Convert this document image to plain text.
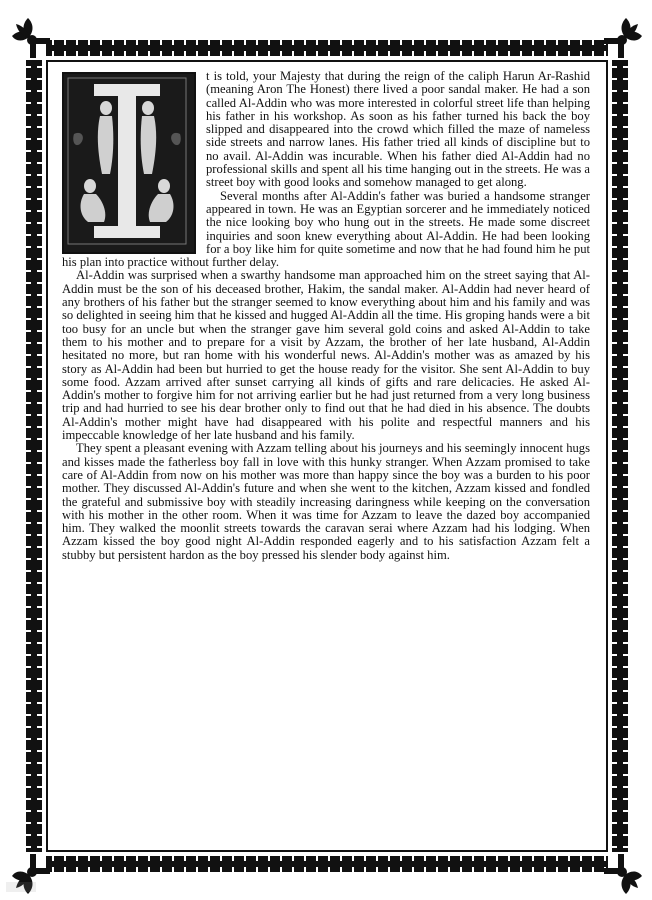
t is told, your Majesty that during the reign of the caliph Harun Ar-Rashid (meaning Aron The Honest) there lived a poor sandal maker. He had a son called Al-Addin who was more interested in colorful street life than helping his father in his workshop. As soon as his father turned his back the boy slipped and disappeared into the crowd which filled the maze of nameless side streets and narrow lanes. His father tried all kinds of discipline but to no avail. Al-Addin was incurable. When his father died Al-Addin had no professional skills and spent all his time hanging out in the streets. He was a street boy with good looks and somehow managed to get along.

Several months after Al-Addin's father was buried a handsome stranger appeared in town. He was an Egyptian sorcerer and he immediately noticed the nice looking boy who hung out in the streets. He made some discreet inquiries and soon knew everything about Al-Addin. He had been looking for a boy like him for quite sometime and now that he had found him he put his plan into practice without further delay.

Al-Addin was surprised when a swarthy handsome man approached him on the street saying that Al-Addin must be the son of his deceased brother, Hakim, the sandal maker. Al-Addin had never heard of any brothers of his father but the stranger seemed to know everything about him and his family and was so delighted in seeing him that he kissed and hugged Al-Addin all the time. His groping hands were a bit too busy for an uncle but when the stranger gave him several gold coins and asked Al-Addin to take them to his mother and to prepare for a visit by Azzam, the brother of her late husband, Al-Addin hesitated no more, but ran home with his wonderful news. Al-Addin's mother was as amazed by his story as Al-Addin had been but hurried to get the house ready for the visitor. She sent Al-Addin to buy some food. Azzam arrived after sunset carrying all kinds of gifts and rare delicacies. He asked Al-Addin's mother to forgive him for not arriving earlier but he had just returned from a very long business trip and had hurried to see his dear brother only to find out that he had died in his absence. The doubts Al-Addin's mother might have had disappeared with his polite and respectful manners and his impeccable knowledge of her late husband and his family.

They spent a pleasant evening with Azzam telling about his journeys and his seemingly innocent hugs and kisses made the fatherless boy fall in love with this hunky stranger. When Azzam promised to take care of Al-Addin from now on his mother was more than happy since the boy was a burden to his poor mother. They discussed Al-Addin's future and when she went to the kitchen, Azzam kissed and fondled the grateful and submissive boy with steadily increasing daringness while keeping on the conversation with his mother in the other room. When it was time for Azzam to leave the dazed boy accompanied him. They walked the moonlit streets towards the caravan serai where Azzam had his lodging. When Azzam kissed the boy good night Al-Addin responded eagerly and to his satisfaction Azzam felt a stubby but persistent hardon as the boy pressed his slender body against him.
